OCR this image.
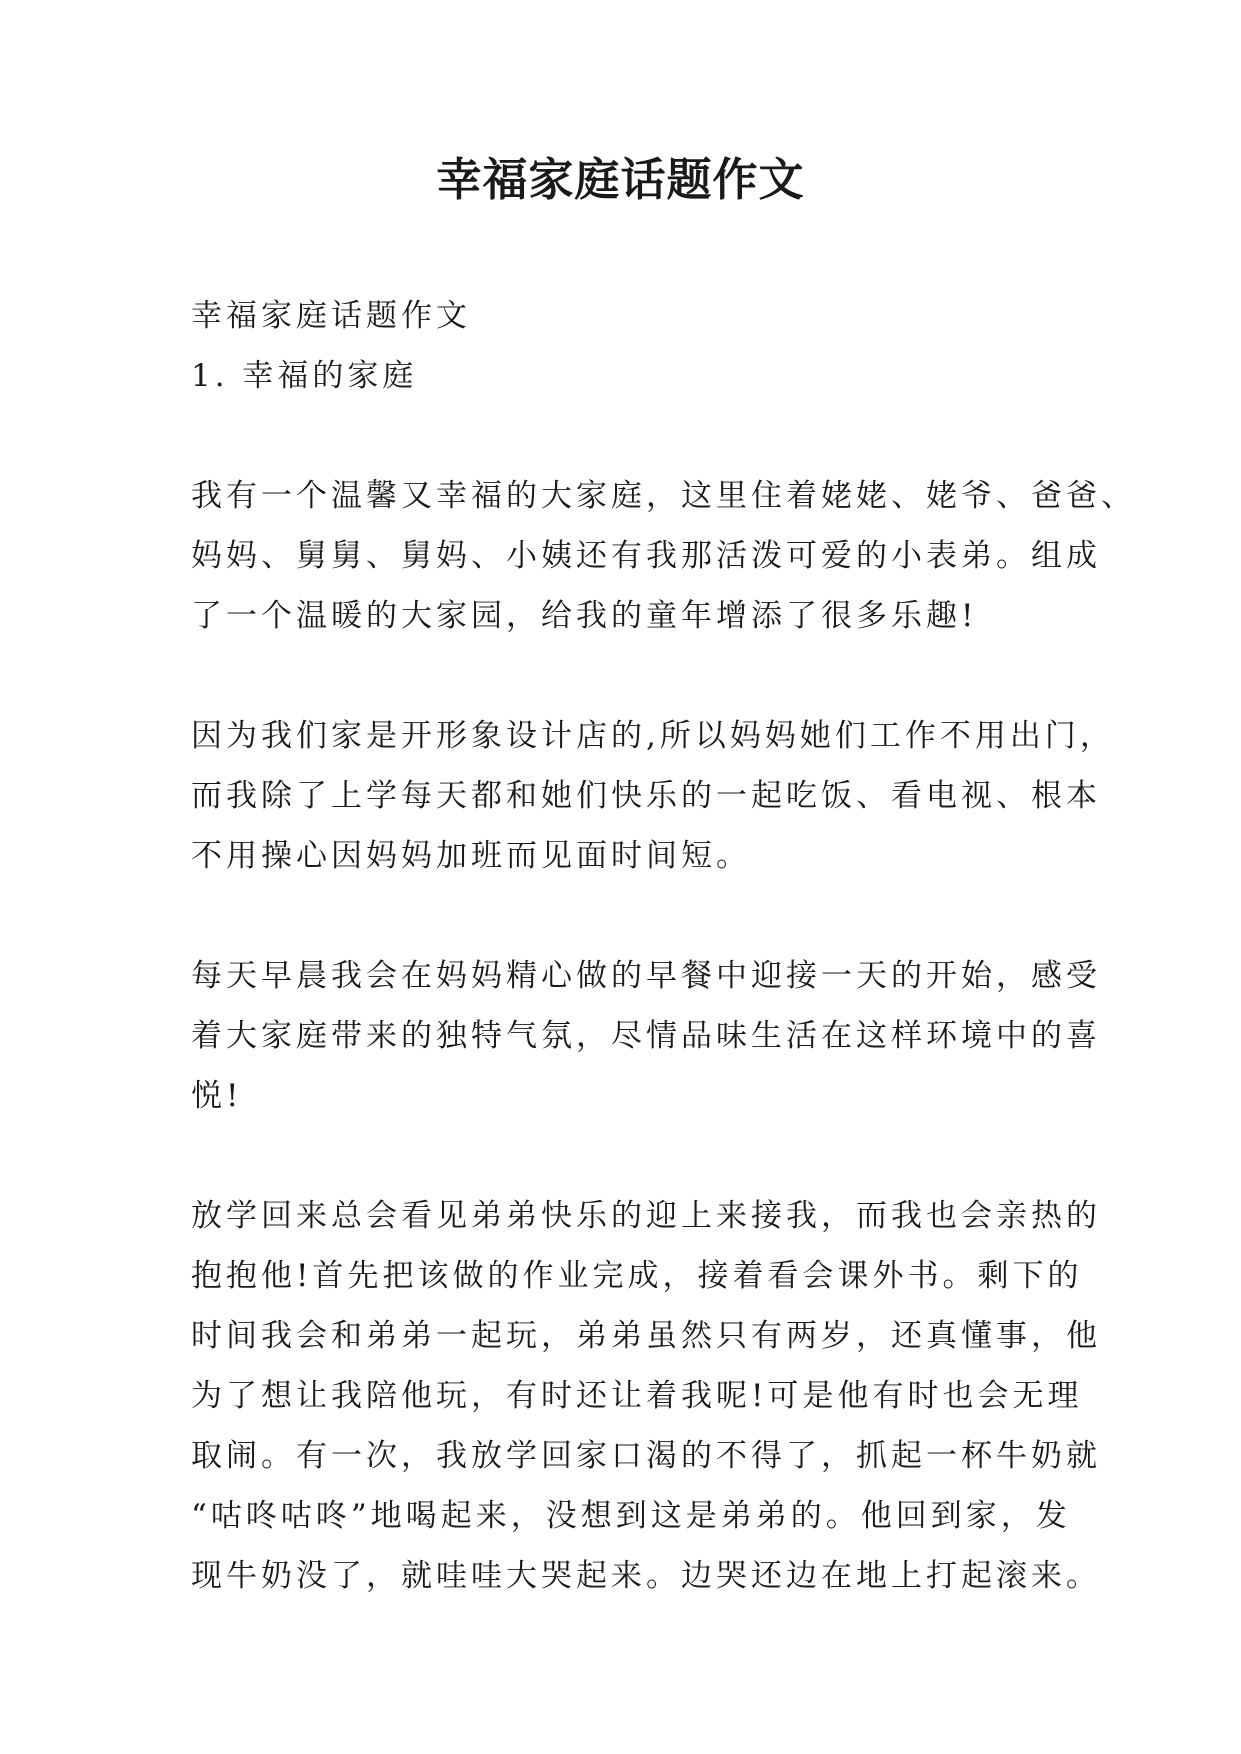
幸福家庭话题作文

幸福家庭话题作文

1. 幸福的家庭

我有一个温馨又幸福的大家庭，这里住着姥姥、姥爷、爸爸、

妈妈、舅舅、舅妈、小姨还有我那活泼可爱的小表弟。组成

了一个温暖的大家园，给我的童年增添了很多乐趣!

因为我们家是开形象设计店的,所以妈妈她们工作不用出门，

而我除了上学每天都和她们快乐的一起吃饭、看电视、根本

不用操心因妈妈加班而见面时间短。

每天早晨我会在妈妈精心做的早餐中迎接一天的开始，感受

着大家庭带来的独特气氛，尽情品味生活在这样环境中的喜

悦!

放学回来总会看见弟弟快乐的迎上来接我，而我也会亲热的

抱抱他!首先把该做的作业完成，接着看会课外书。剩下的

时间我会和弟弟一起玩，弟弟虽然只有两岁，还真懂事，他

为了想让我陪他玩，有时还让着我呢!可是他有时也会无理

取闹。有一次，我放学回家口渴的不得了，抓起一杯牛奶就

“咕咚咕咚”地喝起来，没想到这是弟弟的。他回到家，发

现牛奶没了，就哇哇大哭起来。边哭还边在地上打起滚来。
